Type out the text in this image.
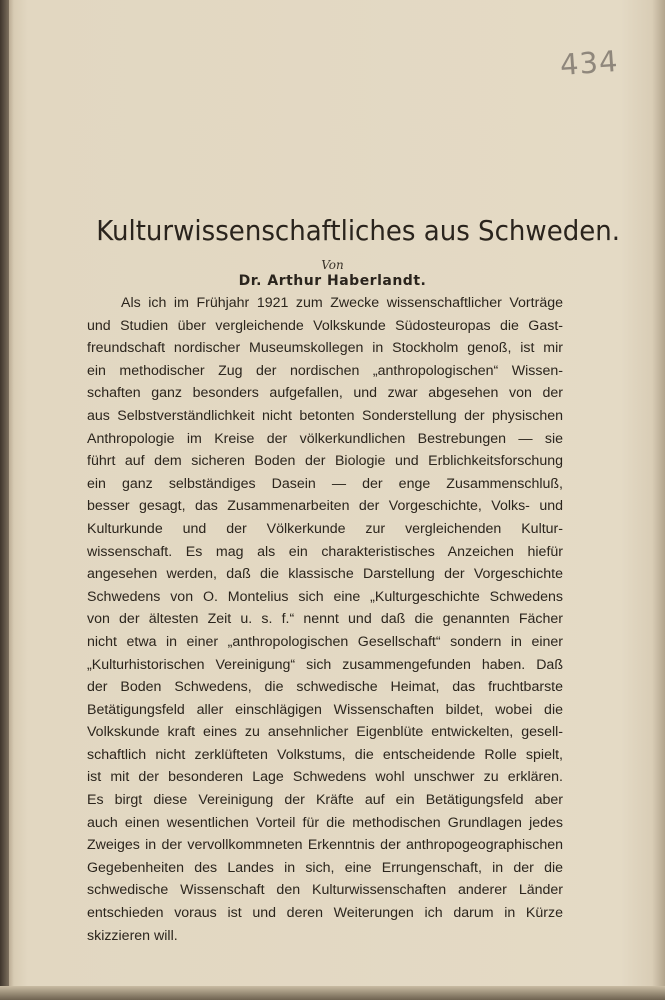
434
Kulturwissenschaftliches aus Schweden.
Von
Dr. Arthur Haberlandt.
Als ich im Frühjahr 1921 zum Zwecke wissenschaftlicher Vorträge
und Studien über vergleichende Volkskunde Südosteuropas die Gast-
freundschaft nordischer Museumskollegen in Stockholm genoß, ist mir
ein methodischer Zug der nordischen „anthropologischen“ Wissen-
schaften ganz besonders aufgefallen, und zwar abgesehen von der
aus Selbstverständlichkeit nicht betonten Sonderstellung der physischen
Anthropologie im Kreise der völkerkundlichen Bestrebungen — sie
führt auf dem sicheren Boden der Biologie und Erblichkeitsforschung
ein ganz selbständiges Dasein — der enge Zusammenschluß,
besser gesagt, das Zusammenarbeiten der Vorgeschichte, Volks- und
Kulturkunde und der Völkerkunde zur vergleichenden Kultur-
wissenschaft. Es mag als ein charakteristisches Anzeichen hiefür
angesehen werden, daß die klassische Darstellung der Vorgeschichte
Schwedens von O. Montelius sich eine „Kulturgeschichte Schwedens
von der ältesten Zeit u. s. f.“ nennt und daß die genannten Fächer
nicht etwa in einer „anthropologischen Gesellschaft“ sondern in einer
„Kulturhistorischen Vereinigung“ sich zusammengefunden haben. Daß
der Boden Schwedens, die schwedische Heimat, das fruchtbarste
Betätigungsfeld aller einschlägigen Wissenschaften bildet, wobei die
Volkskunde kraft eines zu ansehnlicher Eigenblüte entwickelten, gesell-
schaftlich nicht zerklüfteten Volkstums, die entscheidende Rolle spielt,
ist mit der besonderen Lage Schwedens wohl unschwer zu erklären.
Es birgt diese Vereinigung der Kräfte auf ein Betätigungsfeld aber
auch einen wesentlichen Vorteil für die methodischen Grundlagen jedes
Zweiges in der vervollkommneten Erkenntnis der anthropogeographischen
Gegebenheiten des Landes in sich, eine Errungenschaft, in der die
schwedische Wissenschaft den Kulturwissenschaften anderer Länder
entschieden voraus ist und deren Weiterungen ich darum in Kürze
skizzieren will.
